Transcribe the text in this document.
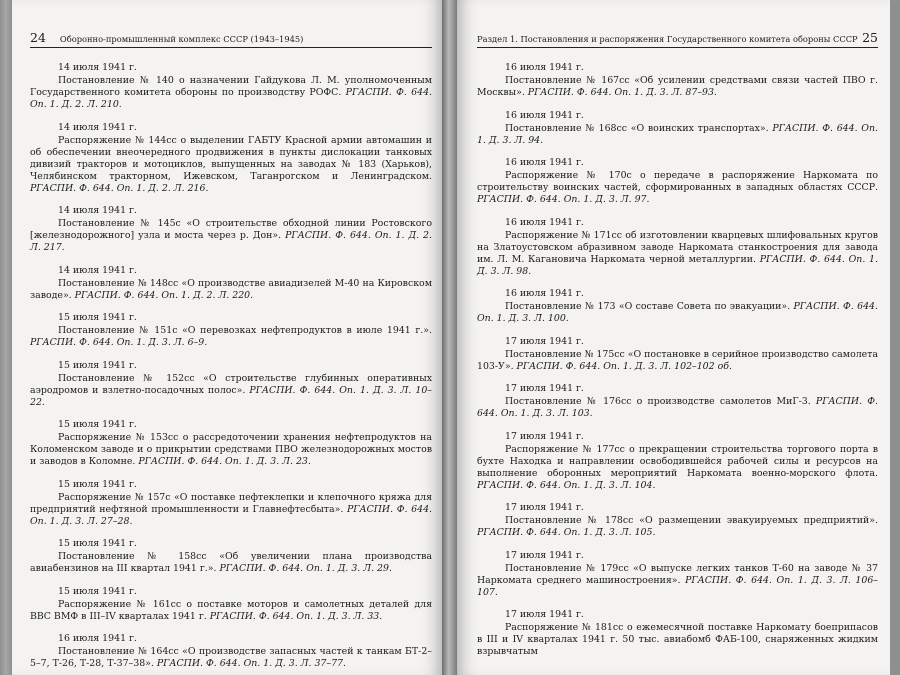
24 Оборонно-промышленный комплекс СССР (1943–1945)
14 июля 1941 г.

Постановление № 140 о назначении Гайдукова Л. М. уполномоченным Государственного комитета обороны по производству РОФС. РГАСПИ. Ф. 644. Оп. 1. Д. 2. Л. 210.

14 июля 1941 г.

Распоряжение № 144сс о выделении ГАБТУ Красной армии автомашин и об обеспечении внеочередного продвижения в пункты дислокации танковых дивизий тракторов и мотоциклов, выпущенных на заводах № 183 (Харьков), Челябинском тракторном, Ижевском, Таганрогском и Ленинградском. РГАСПИ. Ф. 644. Оп. 1. Д. 2. Л. 216.

14 июля 1941 г.

Постановление № 145с «О строительстве обходной линии Ростовского [железнодорожного] узла и моста через р. Дон». РГАСПИ. Ф. 644. Оп. 1. Д. 2. Л. 217.

14 июля 1941 г.

Постановление № 148сс «О производстве авиадизелей М-40 на Кировском заводе». РГАСПИ. Ф. 644. Оп. 1. Д. 2. Л. 220.

15 июля 1941 г.

Постановление № 151с «О перевозках нефтепродуктов в июле 1941 г.». РГАСПИ. Ф. 644. Оп. 1. Д. 3. Л. 6–9.

15 июля 1941 г.

Постановление № 152сс «О строительстве глубинных оперативных аэродромов и взлетно-посадочных полос». РГАСПИ. Ф. 644. Оп. 1. Д. 3. Л. 10–22.

15 июля 1941 г.

Распоряжение № 153сс о рассредоточении хранения нефтепродуктов на Коломенском заводе и о прикрытии средствами ПВО железнодорожных мостов и заводов в Коломне. РГАСПИ. Ф. 644. Оп. 1. Д. 3. Л. 23.

15 июля 1941 г.

Распоряжение № 157с «О поставке пефтеклепки и клепочного кряжа для предприятий нефтяной промышленности и Главнефтесбыта». РГАСПИ. Ф. 644. Оп. 1. Д. 3. Л. 27–28.

15 июля 1941 г.

Постановление № 158сс «Об увеличении плана производства авиабензинов на III квартал 1941 г.». РГАСПИ. Ф. 644. Оп. 1. Д. 3. Л. 29.

15 июля 1941 г.

Распоряжение № 161сс о поставке моторов и самолетных деталей для ВВС ВМФ в III–IV кварталах 1941 г. РГАСПИ. Ф. 644. Оп. 1. Д. 3. Л. 33.

16 июля 1941 г.

Постановление № 164сс «О производстве запасных частей к танкам БТ-2–5–7, Т-26, Т-28, Т-37–38». РГАСПИ. Ф. 644. Оп. 1. Д. 3. Л. 37–77.

Раздел 1. Постановления и распоряжения Государственного комитета обороны СССР 25
16 июля 1941 г.

Постановление № 167сс «Об усилении средствами связи частей ПВО г. Москвы». РГАСПИ. Ф. 644. Оп. 1. Д. 3. Л. 87–93.

16 июля 1941 г.

Постановление № 168сс «О воинских транспортах». РГАСПИ. Ф. 644. Оп. 1. Д. 3. Л. 94.

16 июля 1941 г.

Распоряжение № 170с о передаче в распоряжение Наркомата по строительству воинских частей, сформированных в западных областях СССР. РГАСПИ. Ф. 644. Оп. 1. Д. 3. Л. 97.

16 июля 1941 г.

Распоряжение № 171сс об изготовлении кварцевых шлифовальных кругов на Златоустовском абразивном заводе Наркомата станкостроения для завода им. Л. М. Кагановича Наркомата черной металлургии. РГАСПИ. Ф. 644. Оп. 1. Д. 3. Л. 98.

16 июля 1941 г.

Постановление № 173 «О составе Совета по эвакуации». РГАСПИ. Ф. 644. Оп. 1. Д. 3. Л. 100.

17 июля 1941 г.

Постановление № 175сс «О постановке в серийное производство самолета 103-У». РГАСПИ. Ф. 644. Оп. 1. Д. 3. Л. 102–102 об.

17 июля 1941 г.

Постановление № 176сс о производстве самолетов МиГ-3. РГАСПИ. Ф. 644. Оп. 1. Д. 3. Л. 103.

17 июля 1941 г.

Распоряжение № 177сс о прекращении строительства торгового порта в бухте Находка и направлении освободившейся рабочей силы и ресурсов на выполнение оборонных мероприятий Наркомата военно-морского флота. РГАСПИ. Ф. 644. Оп. 1. Д. 3. Л. 104.

17 июля 1941 г.

Постановление № 178сс «О размещении эвакуируемых предприятий». РГАСПИ. Ф. 644. Оп. 1. Д. 3. Л. 105.

17 июля 1941 г.

Постановление № 179сс «О выпуске легких танков Т-60 на заводе № 37 Наркомата среднего машиностроения». РГАСПИ. Ф. 644. Оп. 1. Д. 3. Л. 106–107.

17 июля 1941 г.

Распоряжение № 181сс о ежемесячной поставке Наркомату боеприпасов в III и IV кварталах 1941 г. 50 тыс. авиабомб ФАБ-100, снаряженных жидким взрывчатым
